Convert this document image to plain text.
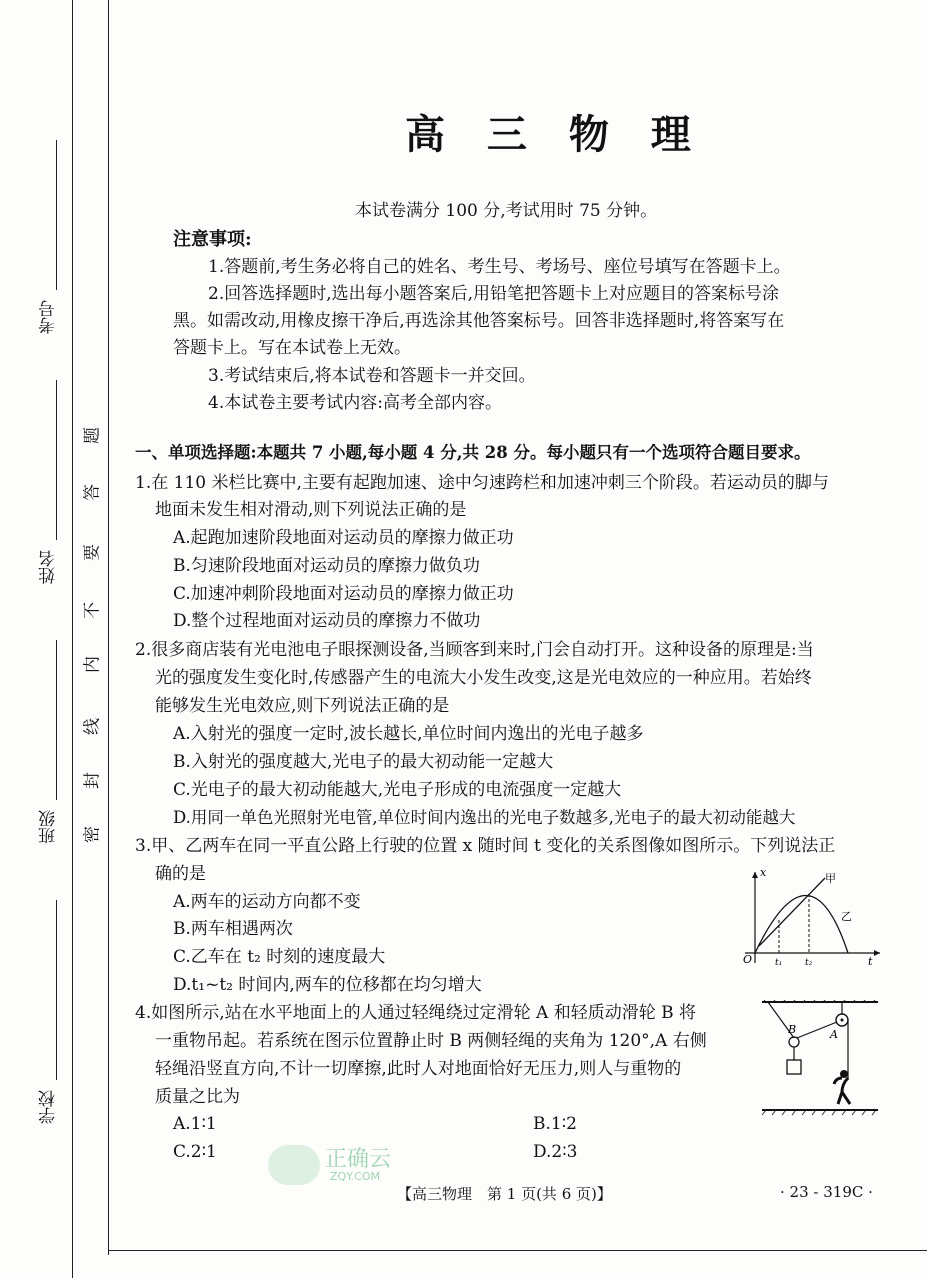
考号
姓名
班级
学校
密
封
线
内
不
要
答
题
高 三 物 理
本试卷满分 100 分,考试用时 75 分钟。
注意事项:
1.答题前,考生务必将自己的姓名、考生号、考场号、座位号填写在答题卡上。
2.回答选择题时,选出每小题答案后,用铅笔把答题卡上对应题目的答案标号涂
黑。如需改动,用橡皮擦干净后,再选涂其他答案标号。回答非选择题时,将答案写在
答题卡上。写在本试卷上无效。
3.考试结束后,将本试卷和答题卡一并交回。
4.本试卷主要考试内容:高考全部内容。
一、单项选择题:本题共 7 小题,每小题 4 分,共 28 分。每小题只有一个选项符合题目要求。
1.在 110 米栏比赛中,主要有起跑加速、途中匀速跨栏和加速冲刺三个阶段。若运动员的脚与
地面未发生相对滑动,则下列说法正确的是
A.起跑加速阶段地面对运动员的摩擦力做正功
B.匀速阶段地面对运动员的摩擦力做负功
C.加速冲刺阶段地面对运动员的摩擦力做正功
D.整个过程地面对运动员的摩擦力不做功
2.很多商店装有光电池电子眼探测设备,当顾客到来时,门会自动打开。这种设备的原理是:当
光的强度发生变化时,传感器产生的电流大小发生改变,这是光电效应的一种应用。若始终
能够发生光电效应,则下列说法正确的是
A.入射光的强度一定时,波长越长,单位时间内逸出的光电子越多
B.入射光的强度越大,光电子的最大初动能一定越大
C.光电子的最大初动能越大,光电子形成的电流强度一定越大
D.用同一单色光照射光电管,单位时间内逸出的光电子数越多,光电子的最大初动能越大
3.甲、乙两车在同一平直公路上行驶的位置 x 随时间 t 变化的关系图像如图所示。下列说法正
确的是
A.两车的运动方向都不变
B.两车相遇两次
C.乙车在 t₂ 时刻的速度最大
D.t₁~t₂ 时间内,两车的位移都在均匀增大
x
t
O	t₁	t₂
甲
乙
4.如图所示,站在水平地面上的人通过轻绳绕过定滑轮 A 和轻质动滑轮 B 将
一重物吊起。若系统在图示位置静止时 B 两侧轻绳的夹角为 120°,A 右侧
轻绳沿竖直方向,不计一切摩擦,此时人对地面恰好无压力,则人与重物的
质量之比为
A.1∶1	B.1∶2
C.2∶1	D.2∶3
B	A
正确云
ZQY.COM
【高三物理　第 1 页(共 6 页)】	· 23 - 319C ·
